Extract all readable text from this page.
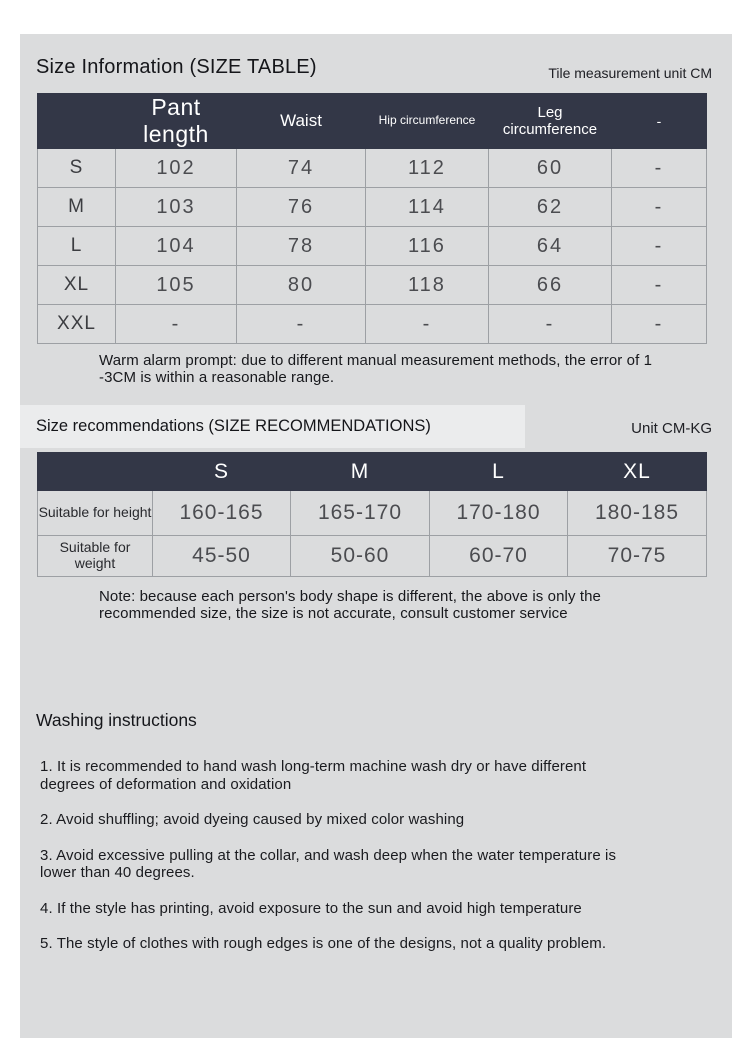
Size Information (SIZE TABLE)	Tile measurement unit CM
	Pant length	Waist	Hip circumference	Leg circumference	-
S	102	74	112	60	-
M	103	76	114	62	-
L	104	78	116	64	-
XL	105	80	118	66	-
XXL	-	-	-	-	-
Warm alarm prompt: due to different manual measurement methods, the error of 1 -3CM is within a reasonable range.
Size recommendations (SIZE RECOMMENDATIONS)	Unit CM-KG
	S	M	L	XL
Suitable for height	160-165	165-170	170-180	180-185
Suitable for weight	45-50	50-60	60-70	70-75
Note: because each person's body shape is different, the above is only the recommended size, the size is not accurate, consult customer service
Washing instructions

1. It is recommended to hand wash long-term machine wash dry or have different degrees of deformation and oxidation

2. Avoid shuffling; avoid dyeing caused by mixed color washing

3. Avoid excessive pulling at the collar, and wash deep when the water temperature is lower than 40 degrees.

4. If the style has printing, avoid exposure to the sun and avoid high temperature

5. The style of clothes with rough edges is one of the designs, not a quality problem.
